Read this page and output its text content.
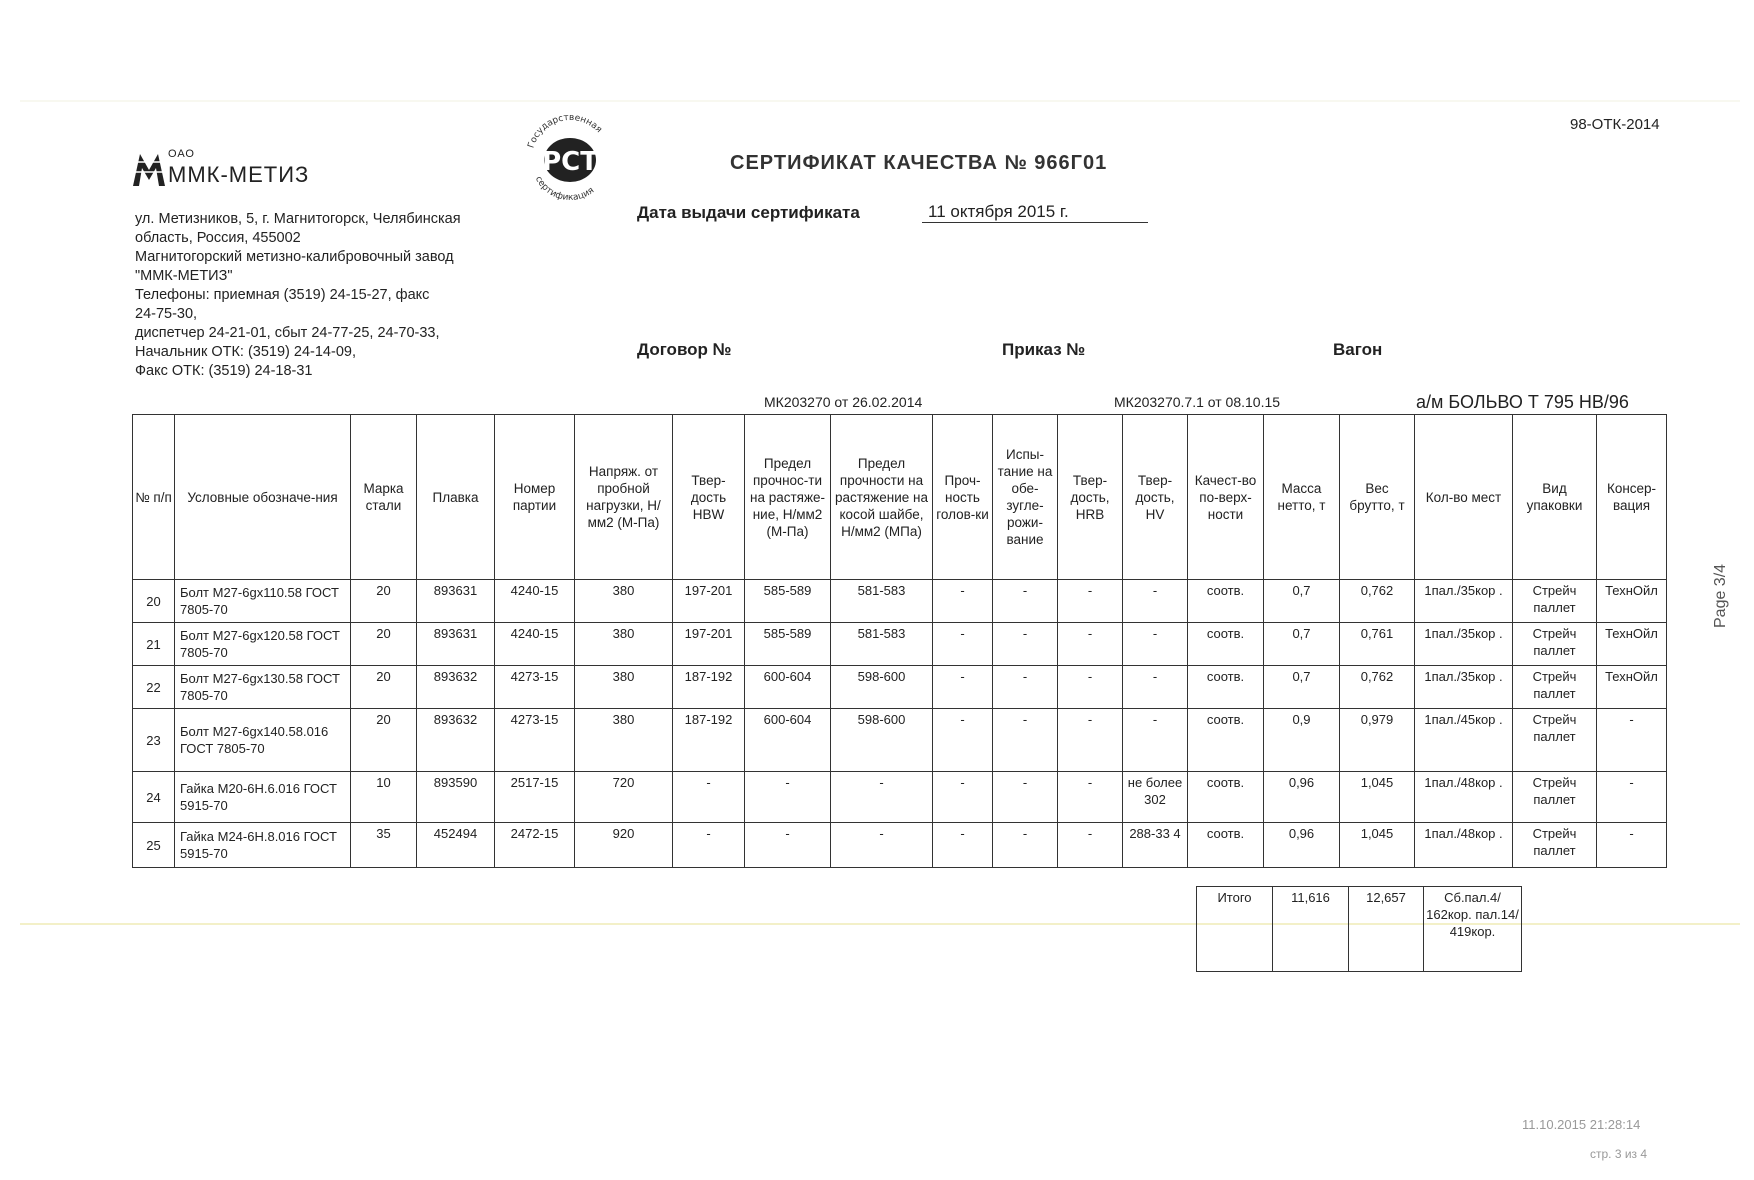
98-ОТК-2014
ОАО
ММК-МЕТИЗ
ул. Метизников, 5, г. Магнитогорск, Челябинская
область, Россия, 455002
Магнитогорский метизно-калибровочный завод
"ММК-МЕТИЗ"
Телефоны: приемная (3519) 24-15-27, факс
24-75-30,
диспетчер 24-21-01, сбыт 24-77-25, 24-70-33,
Начальник ОТК: (3519) 24-14-09,
Факс ОТК: (3519) 24-18-31
Государственная
сертификация
РСТ	СЕРТИФИКАТ КАЧЕСТВА № 966Г01
Дата выдачи сертификата	11 октября 2015 г.
Договор №	Приказ №	Вагон
МК203270 от 26.02.2014	МК203270.7.1 от 08.10.15	а/м БОЛЬВО Т 795 НВ/96
№ п/п	Условные обозначе-ния	Марка стали	Плавка	Номер партии	Напряж. от пробной нагрузки, Н/мм2 (М-Па)	Твер-дость HBW	Предел прочнос-ти на растяже-ние, Н/мм2 (М-Па)	Предел прочности на растяжение на косой шайбе, Н/мм2 (МПа)	Проч-ность голов-ки	Испы-тание на обе-зугле-рожи-вание	Твер-дость, HRB	Твер-дость, HV	Качест-во по-верх-ности	Масса нетто, т	Вес брутто, т	Кол-во мест	Вид упаковки	Консер-вация
20	Болт М27-6gх110.58 ГОСТ 7805-70	20	893631	4240-15	380	197-201	585-589	581-583	-	-	-	-	соотв.	0,7	0,762	1пал./35кор .	Стрейч паллет	ТехнОйл
21	Болт М27-6gх120.58 ГОСТ 7805-70	20	893631	4240-15	380	197-201	585-589	581-583	-	-	-	-	соотв.	0,7	0,761	1пал./35кор .	Стрейч паллет	ТехнОйл
22	Болт М27-6gх130.58 ГОСТ 7805-70	20	893632	4273-15	380	187-192	600-604	598-600	-	-	-	-	соотв.	0,7	0,762	1пал./35кор .	Стрейч паллет	ТехнОйл
23	Болт М27-6gх140.58.016 ГОСТ 7805-70	20	893632	4273-15	380	187-192	600-604	598-600	-	-	-	-	соотв.	0,9	0,979	1пал./45кор .	Стрейч паллет	-
24	Гайка М20-6Н.6.016 ГОСТ 5915-70	10	893590	2517-15	720	-	-	-	-	-	-	не более 302	соотв.	0,96	1,045	1пал./48кор .	Стрейч паллет	-
25	Гайка М24-6Н.8.016 ГОСТ 5915-70	35	452494	2472-15	920	-	-	-	-	-	-	288-33 4	соотв.	0,96	1,045	1пал./48кор .	Стрейч паллет	-
Итого	11,616	12,657	Сб.пал.4/ 162кор. пал.14/ 419кор.
Page 3/4
11.10.2015 21:28:14
стр. 3 из 4
